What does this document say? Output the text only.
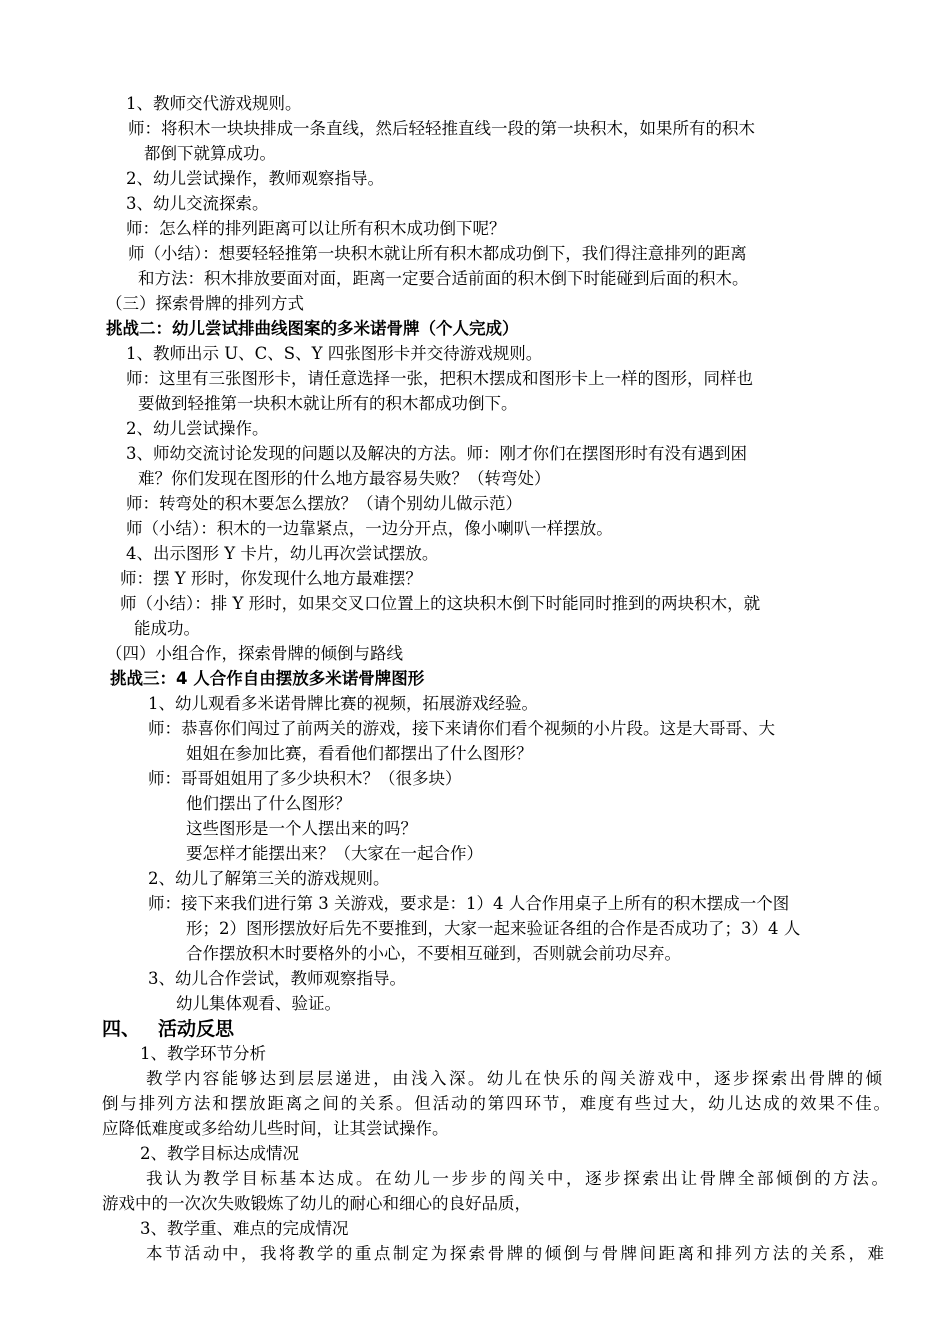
1、教师交代游戏规则。
师：将积木一块块排成一条直线，然后轻轻推直线一段的第一块积木，如果所有的积木
都倒下就算成功。
2、幼儿尝试操作，教师观察指导。
3、幼儿交流探索。
师：怎么样的排列距离可以让所有积木成功倒下呢？
师（小结）：想要轻轻推第一块积木就让所有积木都成功倒下，我们得注意排列的距离
和方法：积木排放要面对面，距离一定要合适前面的积木倒下时能碰到后面的积木。
（三）探索骨牌的排列方式
挑战二：幼儿尝试排曲线图案的多米诺骨牌（个人完成）
1、教师出示 U、C、S、Y 四张图形卡并交待游戏规则。
师：这里有三张图形卡，请任意选择一张，把积木摆成和图形卡上一样的图形，同样也
要做到轻推第一块积木就让所有的积木都成功倒下。
2、幼儿尝试操作。
3、师幼交流讨论发现的问题以及解决的方法。师：刚才你们在摆图形时有没有遇到困
难？你们发现在图形的什么地方最容易失败？（转弯处）
师：转弯处的积木要怎么摆放？（请个别幼儿做示范）
师（小结）：积木的一边靠紧点，一边分开点，像小喇叭一样摆放。
4、出示图形 Y 卡片，幼儿再次尝试摆放。
师：摆 Y 形时，你发现什么地方最难摆？
师（小结）：排 Y 形时，如果交叉口位置上的这块积木倒下时能同时推到的两块积木，就
能成功。
（四）小组合作，探索骨牌的倾倒与路线
挑战三：4 人合作自由摆放多米诺骨牌图形
1、幼儿观看多米诺骨牌比赛的视频，拓展游戏经验。
师：恭喜你们闯过了前两关的游戏，接下来请你们看个视频的小片段。这是大哥哥、大
姐姐在参加比赛，看看他们都摆出了什么图形？
师：哥哥姐姐用了多少块积木？（很多块）
他们摆出了什么图形？
这些图形是一个人摆出来的吗？
要怎样才能摆出来？（大家在一起合作）
2、幼儿了解第三关的游戏规则。
师：接下来我们进行第 3 关游戏，要求是：1）4 人合作用桌子上所有的积木摆成一个图
形；2）图形摆放好后先不要推到，大家一起来验证各组的合作是否成功了；3）4 人
合作摆放积木时要格外的小心，不要相互碰到，否则就会前功尽弃。
3、幼儿合作尝试，教师观察指导。
幼儿集体观看、验证。
四、 活动反思
1、教学环节分析
教学内容能够达到层层递进，由浅入深。幼儿在快乐的闯关游戏中，逐步探索出骨牌的倾
倒与排列方法和摆放距离之间的关系。但活动的第四环节，难度有些过大，幼儿达成的效果不佳。
应降低难度或多给幼儿些时间，让其尝试操作。
2、教学目标达成情况
我认为教学目标基本达成。在幼儿一步步的闯关中，逐步探索出让骨牌全部倾倒的方法。
游戏中的一次次失败锻炼了幼儿的耐心和细心的良好品质，
3、教学重、难点的完成情况
本节活动中，我将教学的重点制定为探索骨牌的倾倒与骨牌间距离和排列方法的关系，难
